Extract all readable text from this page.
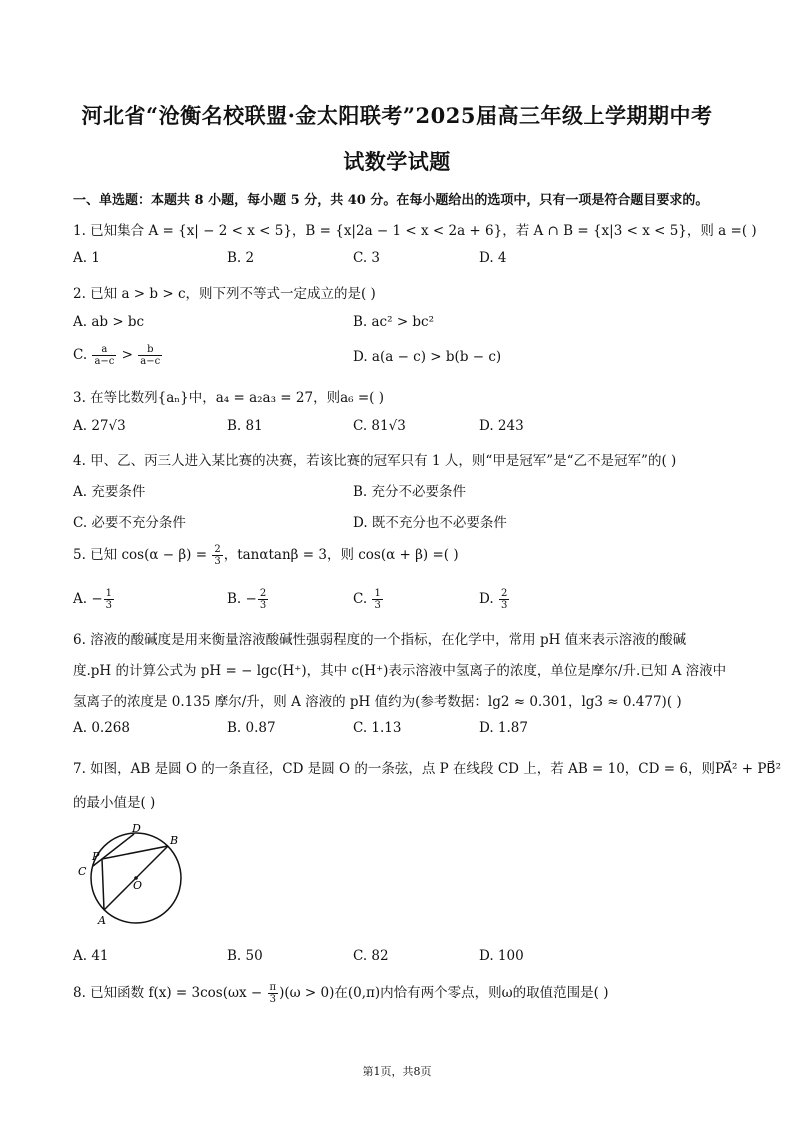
河北省“沧衡名校联盟·金太阳联考”2025届高三年级上学期期中考
试数学试题
一、单选题：本题共 8 小题，每小题 5 分，共 40 分。在每小题给出的选项中，只有一项是符合题目要求的。
1. 已知集合 A = {x| − 2 < x < 5}，B = {x|2a − 1 < x < 2a + 6}，若 A ∩ B = {x|3 < x < 5}，则 a =( )
A. 1	B. 2	C. 3	D. 4
2. 已知 a > b > c，则下列不等式一定成立的是( )
A. ab > bc	B. ac² > bc²
C. $\frac{a}{a-c} > \frac{b}{a-c}$	D. a(a − c) > b(b − c)
3. 在等比数列{aₙ}中，a₄ = a₂a₃ = 27，则a₆ =( )
A. 27√3	B. 81	C. 81√3	D. 243
4. 甲、乙、丙三人进入某比赛的决赛，若该比赛的冠军只有 1 人，则“甲是冠军”是“乙不是冠军”的( )
A. 充要条件	B. 充分不必要条件
C. 必要不充分条件	D. 既不充分也不必要条件
5. 已知 $\cos(\alpha - \beta) = \frac{2}{3}$ ，tanαtanβ = 3，则 cos(α + β) =( )
A. − $\frac{1}{3}$	B. − $\frac{2}{3}$	C. $\frac{1}{3}$	D. $\frac{2}{3}$
6. 溶液的酸碱度是用来衡量溶液酸碱性强弱程度的一个指标，在化学中，常用 pH 值来表示溶液的酸碱
度.pH 的计算公式为 pH = − lgc(H⁺)，其中 c(H⁺)表示溶液中氢离子的浓度，单位是摩尔/升.已知 A 溶液中
氢离子的浓度是 0.135 摩尔/升，则 A 溶液的 pH 值约为(参考数据：lg2 ≈ 0.301，lg3 ≈ 0.477)( )
A. 0.268	B. 0.87	C. 1.13	D. 1.87
7. 如图，AB 是圆 O 的一条直径，CD 是圆 O 的一条弦，点 P 在线段 CD 上，若 AB = 10，CD = 6，则PA⃗² + PB⃗²
的最小值是( )
D
B
P
C
O
A
A. 41	B. 50	C. 82	D. 100
8. 已知函数 $f(x) = 3\cos(\omega x - \frac{\pi}{3} )(\omega > 0)$在(0,π)内恰有两个零点，则ω的取值范围是( )
第1页，共8页
